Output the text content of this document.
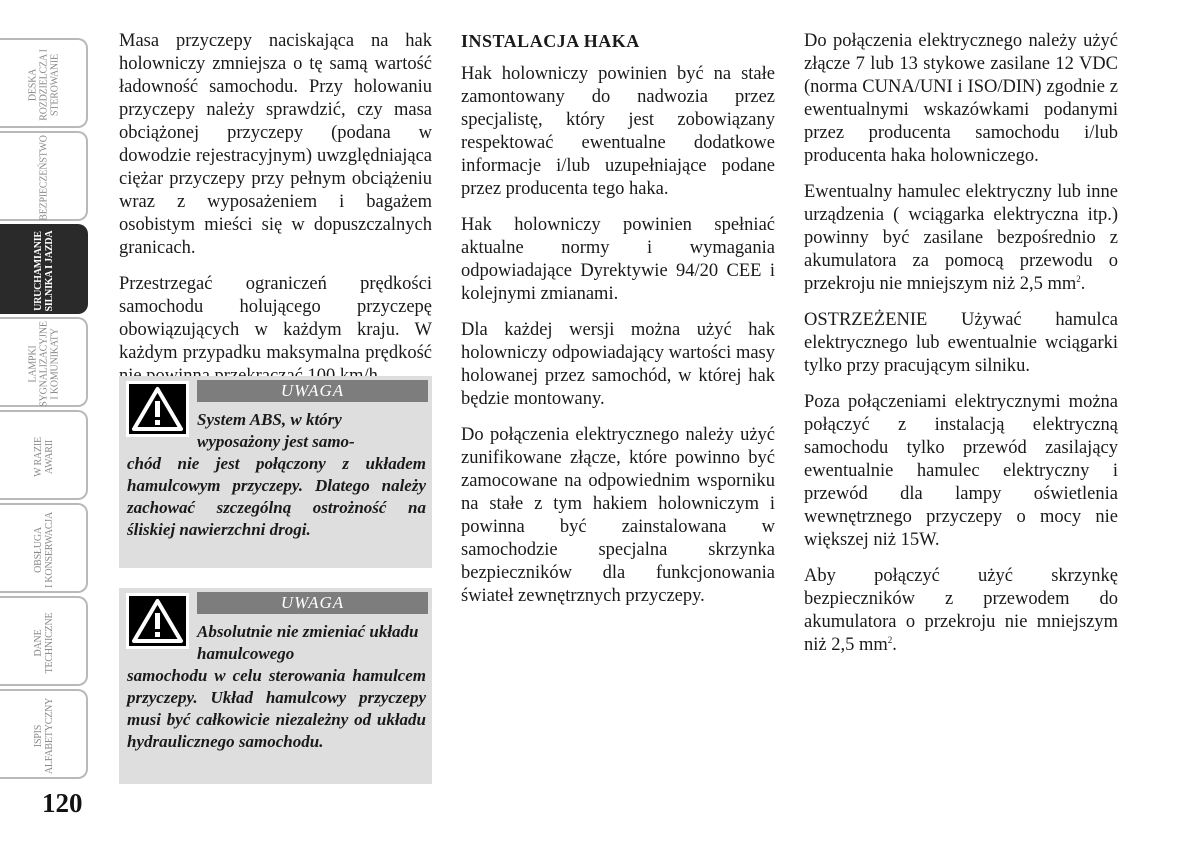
DESKA
ROZDZIELCZA I
STEROWANIE
BEZPIECZEŃSTWO
URUCHAMIANIE
SILNIKA I JAZDA
LAMPKI
SYGNALIZACYJNE
I KOMUNIKATY
W RAZIE
AWARII
OBSŁUGA
I KONSERWACJA
DANE
TECHNICZNE
ISPIS
ALFABETYCZNY
120

Masa przyczepy naciskająca na hak holowniczy zmniejsza o tę samą wartość ładowność samochodu. Przy holowaniu przyczepy należy sprawdzić, czy masa obciążonej przyczepy (podana w dowodzie rejestracyjnym) uwzględniająca ciężar przyczepy przy pełnym obciążeniu wraz z wyposażeniem i bagażem osobistym mieści się w dopuszczalnych granicach.

Przestrzegać ograniczeń prędkości samochodu holującego przyczepę obowiązujących w każdym kraju. W każdym przypadku maksymalna prędkość

UWAGA
System ABS, w który wyposażony jest samo-
chód nie jest połączony z układem hamulcowym przyczepy. Dlatego należy zachować szczególną ostrożność na śliskiej nawierzchni drogi.
UWAGA
Absolutnie nie zmieniać układu hamulcowego
samochodu w celu sterowania hamulcem przyczepy. Układ hamulcowy przyczepy musi być całkowicie niezależny od układu hydraulicznego samochodu.
INSTALACJA HAKA

Hak holowniczy powinien być na stałe zamontowany do nadwozia przez specjalistę, który jest zobowiązany respektować ewentualne dodatkowe informacje i/lub uzupełniające podane przez producenta tego haka.

Hak holowniczy powinien spełniać aktualne normy i wymagania odpowiadające Dyrektywie 94/20 CEE i kolejnymi zmianami.

Dla każdej wersji można użyć hak holowniczy odpowiadający wartości masy holowanej przez samochód, w której hak będzie montowany.

Do połączenia elektrycznego należy użyć zunifikowane złącze, które powinno być zamocowane na odpowiednim wsporniku na stałe z tym hakiem holowniczym i powinna być zainstalowana w samochodzie specjalna skrzynka bezpieczników dla funkcjonowania świateł zewnętrznych przyczepy.

Do połączenia elektrycznego należy użyć złącze 7 lub 13 stykowe zasilane 12 VDC (norma CUNA/UNI i ISO/DIN) zgodnie z ewentualnymi wskazówkami podanymi przez producenta samochodu i/lub producenta haka holowniczego.

Ewentualny hamulec elektryczny lub inne urządzenia ( wciągarka elektryczna itp.) powinny być zasilane bezpośrednio z akumulatora za pomocą przewodu o przekroju nie mniejszym niż 2,5 $mm^2$.

OSTRZEŻENIE Używać hamulca elektrycznego lub ewentualnie wciągarki tylko przy pracującym silniku.

Poza połączeniami elektrycznymi można połączyć z instalacją elektryczną samochodu tylko przewód zasilający ewentualnie hamulec elektryczny i przewód dla lampy oświetlenia wewnętrznego przyczepy o mocy nie większej niż 15W.

Aby połączyć użyć skrzynkę bezpieczników z przewodem do akumulatora o przekroju nie mniejszym niż 2,5 $mm^2$.
